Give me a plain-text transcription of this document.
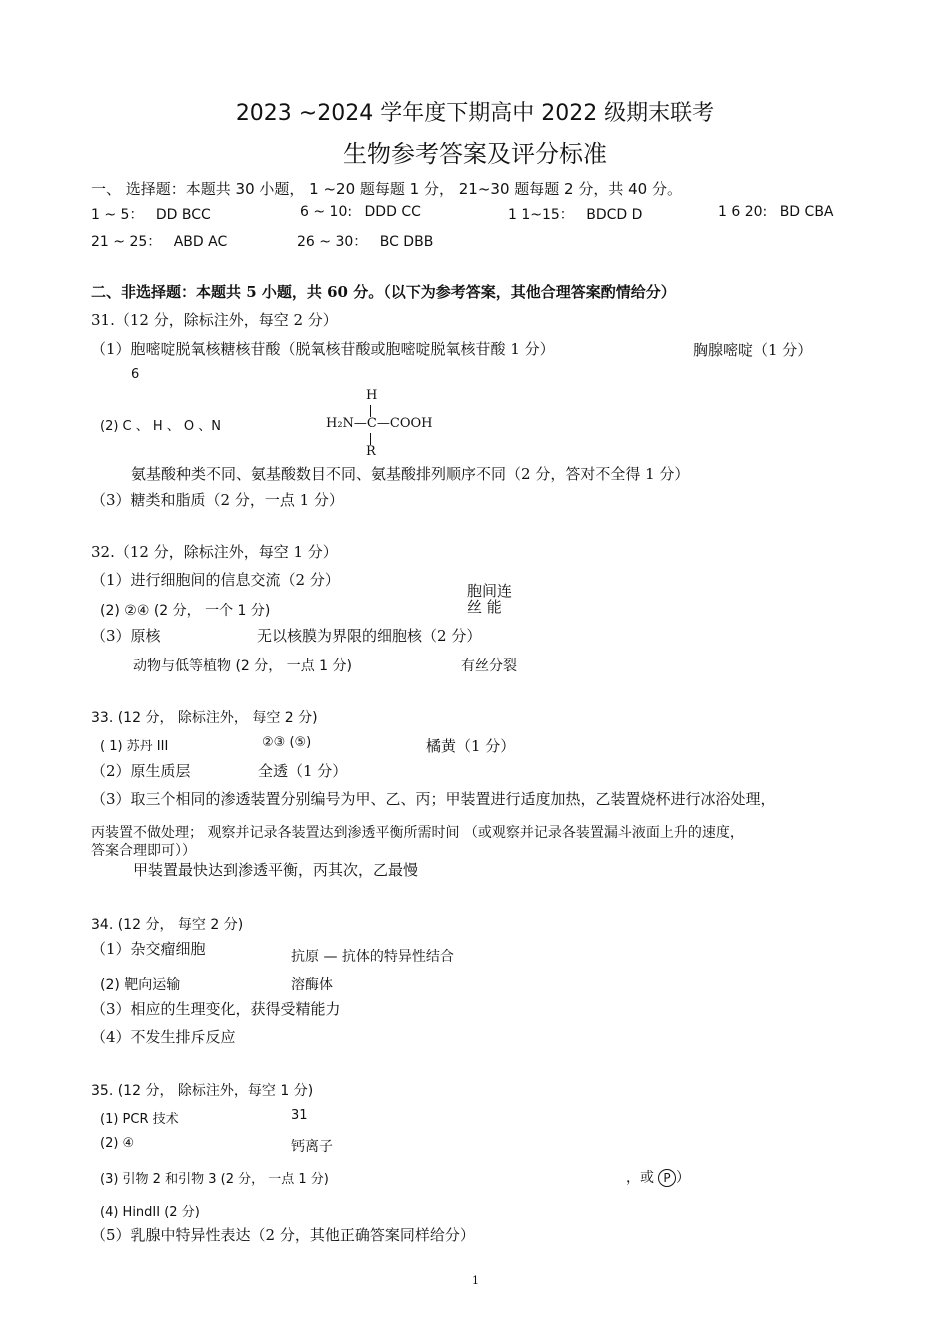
2023 ~2024 学年度下期高中 2022 级期末联考
生物参考答案及评分标准
一、 选择题：本题共 30 小题， 1 ~20 题每题 1 分， 21~30 题每题 2 分，共 40 分。
1 ~ 5： DD BCC	6 ~ 10: DDD CC	1 1~15： BDCD D	1 6 20: BD CBA
21 ~ 25： ABD AC	26 ~ 30： BC DBB
二、非选择题：本题共 5 小题，共 60 分。（以下为参考答案，其他合理答案酌情给分）
31.（12 分，除标注外，每空 2 分）
（1）胞嘧啶脱氧核糖核苷酸（脱氧核苷酸或胞嘧啶脱氧核苷酸 1 分）	胸腺嘧啶（1 分）
6
(2) C 、 H 、 O 、N
H
H₂N—C—COOH
R
氨基酸种类不同、氨基酸数目不同、氨基酸排列顺序不同（2 分，答对不全得 1 分）
（3）糖类和脂质（2 分，一点 1 分）
32.（12 分，除标注外，每空 1 分）
（1）进行细胞间的信息交流（2 分）
胞间连
丝 能
(2) ②④ (2 分， 一个 1 分)
（3）原核	无以核膜为界限的细胞核（2 分）
动物与低等植物 (2 分， 一点 1 分)	有丝分裂
33. (12 分， 除标注外， 每空 2 分)
( 1) 苏丹 III	②③ (⑤)	橘黄（1 分）
（2）原生质层	全透（1 分）
（3）取三个相同的渗透装置分别编号为甲、乙、丙；甲装置进行适度加热，乙装置烧杯进行冰浴处理，
丙装置不做处理； 观察并记录各装置达到渗透平衡所需时间 （或观察并记录各装置漏斗液面上升的速度，
答案合理即可））
甲装置最快达到渗透平衡，丙其次，乙最慢
34. (12 分， 每空 2 分)
（1）杂交瘤细胞	抗原 — 抗体的特异性结合
(2) 靶向运输	溶酶体
（3）相应的生理变化，获得受精能力
（4）不发生排斥反应
35. (12 分， 除标注外，每空 1 分)
(1) PCR 技术	31
(2) ④	钙离子
(3) 引物 2 和引物 3 (2 分， 一点 1 分)	，或 P ）
(4) HindII (2 分)
（5）乳腺中特异性表达（2 分，其他正确答案同样给分）
1
